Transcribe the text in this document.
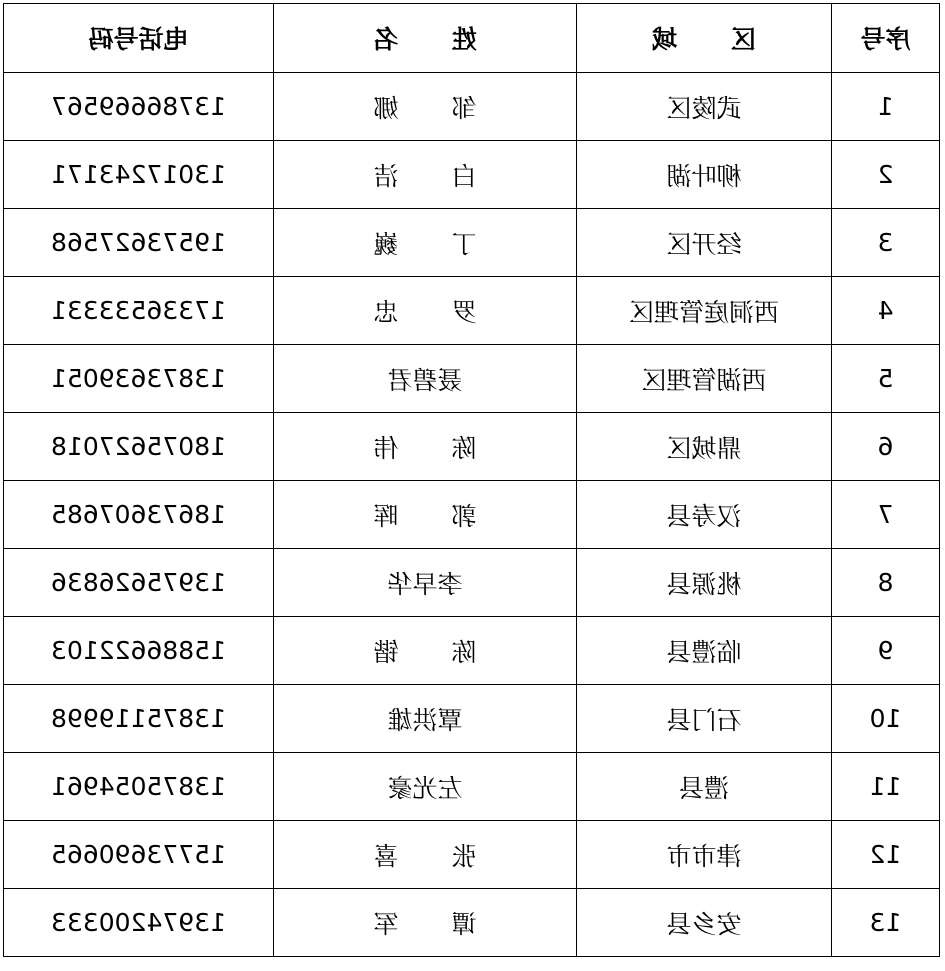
序号	区 域	姓 名	电话号码
1	武陵区	邹 娜	13786669567
2	柳叶湖	白 洁	13017243171
3	经开区	丁 巍	19573627568
4	西洞庭管理区	罗 忠	17336533331
5	西湖管理区	聂碧君	13873639051
6	鼎城区	陈 伟	18075627018
7	汉寿县	郭 晖	18673607685
8	桃源县	李早华	13975626836
9	临澧县	陈 锴	15886622103
10	石门县	覃洪雄	13875119998
11	澧县	左光豪	13875054961
12	津市市	张 喜	15773690665
13	安乡县	谭 军	13974200333
